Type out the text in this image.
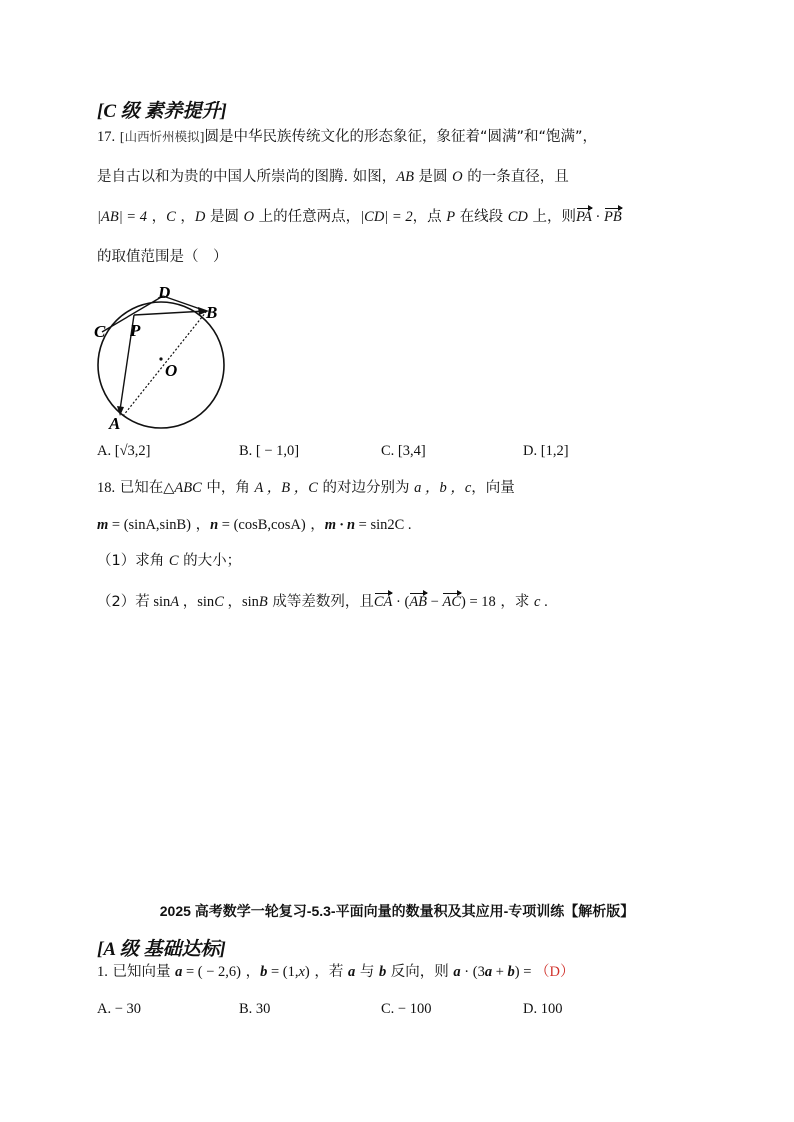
[C 级 素养提升]
17. [山西忻州模拟]圆是中华民族传统文化的形态象征，象征着“圆满”和“饱满”，
是自古以和为贵的中国人所崇尚的图腾. 如图，AB 是圆 O 的一条直径，且
|AB| = 4 ，C ，D 是圆 O 上的任意两点，|CD| = 2，点 P 在线段 CD 上，则PA · PB
的取值范围是（　）
D
B
C P
O
A
A. [√3,2]	B. [ − 1,0]	C. [3,4]	D. [1,2]
18. 已知在△ABC 中，角 A ，B ，C 的对边分别为 a ，b ，c，向量
m = (sinA,sinB) ，n = (cosB,cosA) ，m · n = sin2C .
（1）求角 C 的大小；
（2）若 sinA ，sinC ，sinB 成等差数列，且CA · (AB − AC) = 18 ，求 c .
2025 高考数学一轮复习-5.3-平面向量的数量积及其应用-专项训练【解析版】
[A 级 基础达标]
1. 已知向量 a = ( − 2,6) ，b = (1,x) ，若 a 与 b 反向，则 a · (3a + b) = （D）
A. − 30	B. 30	C. − 100	D. 100
